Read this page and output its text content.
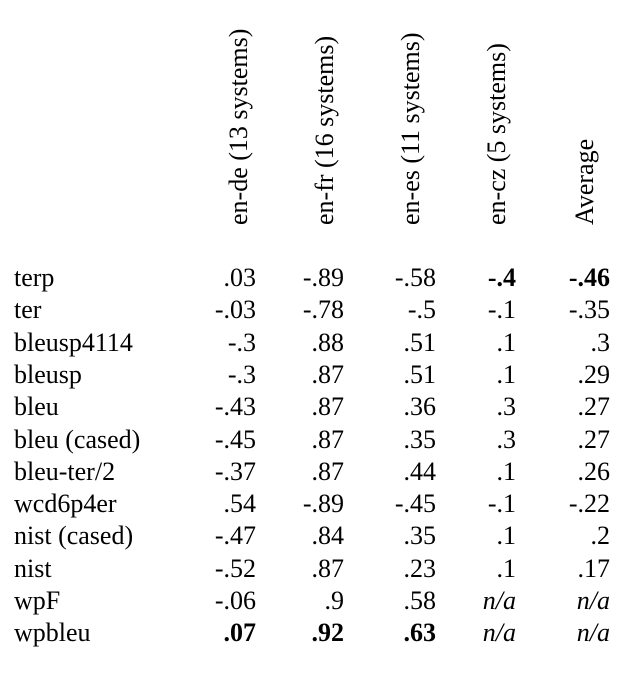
en-de (13 systems) en-fr (16 systems) en-es (11 systems) en-cz (5 systems) Average
terp	.03 -.89 -.58 -.4 -.46
ter	-.03 -.78 -.5 -.1 -.35
bleusp4114	-.3 .88 .51 .1	.3
bleusp	-.3 .87 .51 .1 .29
bleu	-.43 .87 .36 .3 .27
bleu (cased)	-.45 .87 .35 .3 .27
bleu-ter/2	-.37 .87 .44 .1 .26
wcd6p4er	.54 -.89 -.45 -.1 -.22
nist (cased)	-.47 .84 .35 .1	.2
nist	-.52 .87 .23 .1 .17
wpF	-.06	.9 .58 n/a n/a
wpbleu	.07 .92 .63 n/a n/a
